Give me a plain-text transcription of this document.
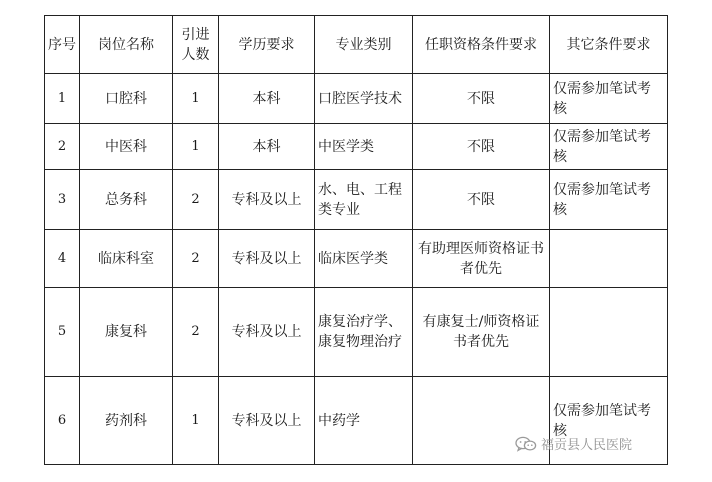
序号	岗位名称	引进人数	学历要求	专业类别	任职资格条件要求	其它条件要求
1	口腔科	1	本科	口腔医学技术	不限	仅需参加笔试考核
2	中医科	1	本科	中医学类	不限	仅需参加笔试考核
3	总务科	2	专科及以上	水、电、工程类专业	不限	仅需参加笔试考核
4	临床科室	2	专科及以上	临床医学类	有助理医师资格证书者优先	
5	康复科	2	专科及以上	康复治疗学、康复物理治疗	有康复士/师资格证书者优先	
6	药剂科	1	专科及以上	中药学		仅需参加笔试考核
福贡县人民医院
